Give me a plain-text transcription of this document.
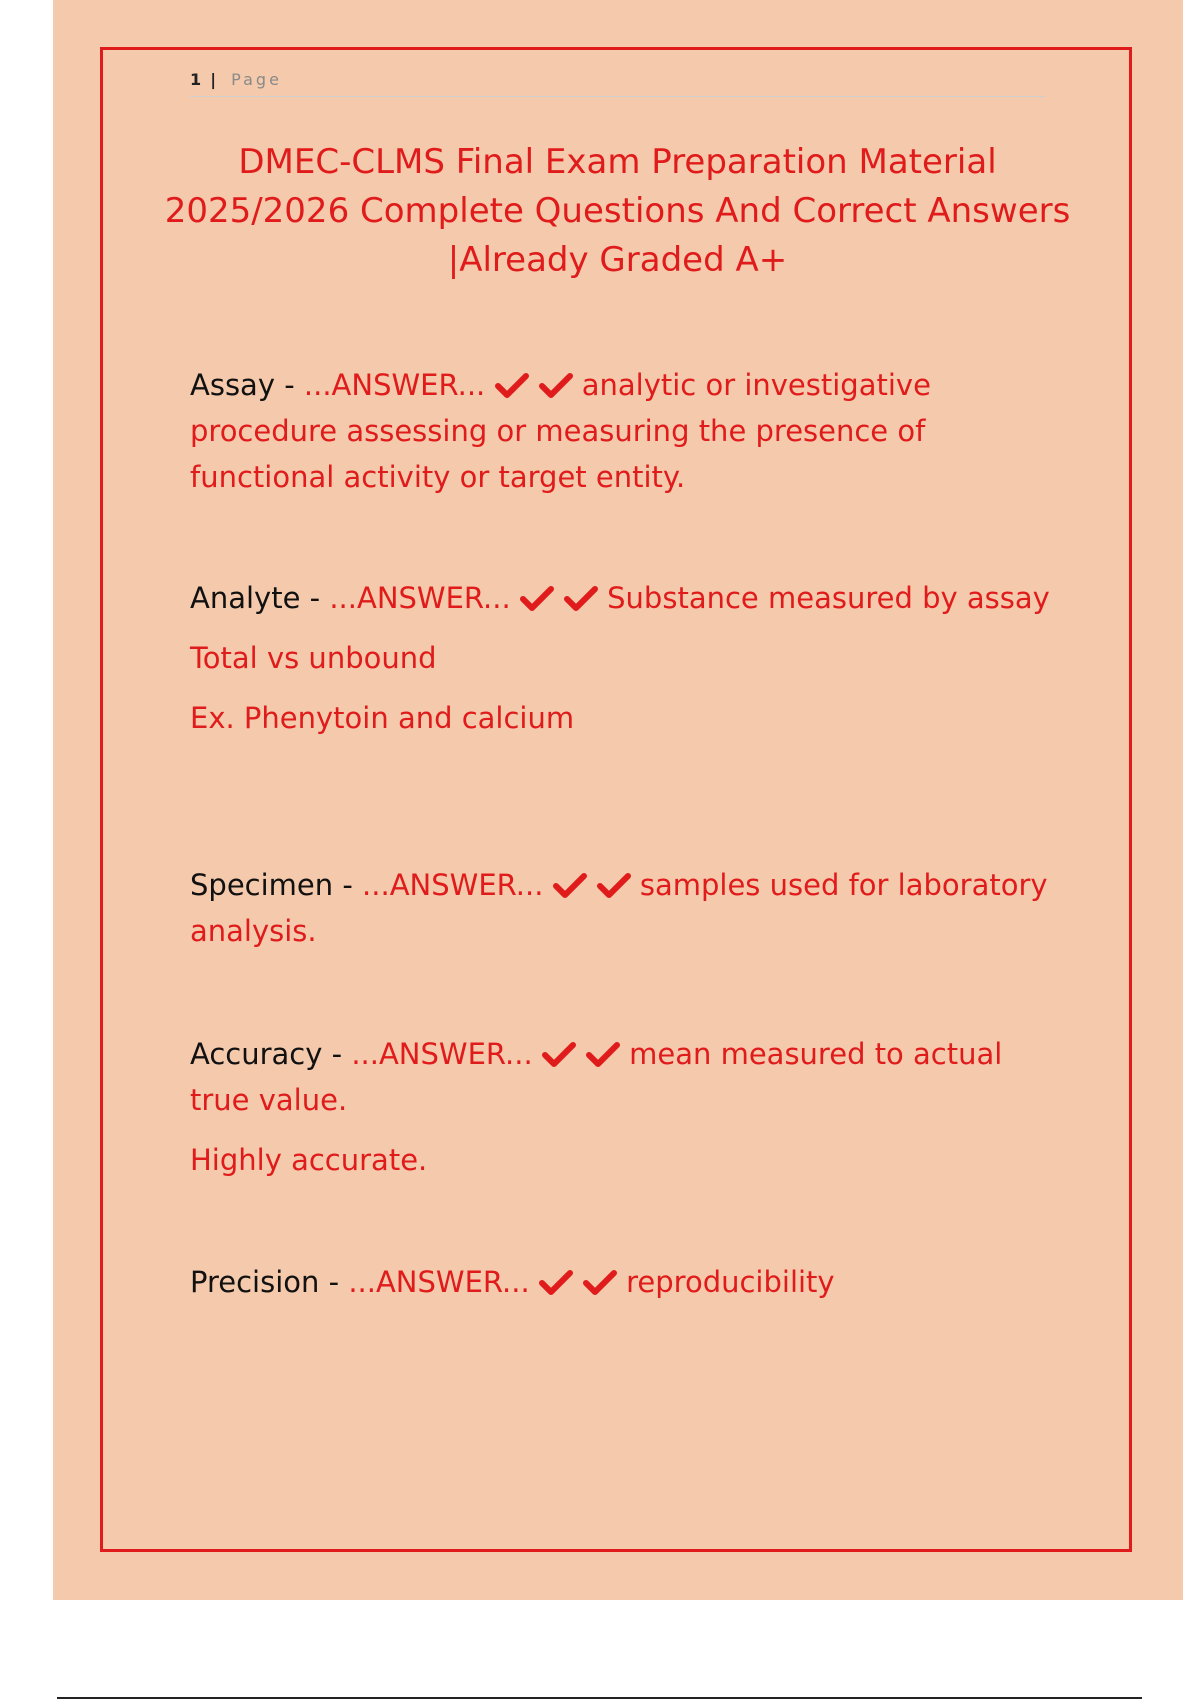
1 | Page
DMEC-CLMS Final Exam Preparation Material 2025/2026 Complete Questions And Correct Answers |Already Graded A+
Assay - ...ANSWER...	analytic or investigative procedure assessing or measuring the presence of functional activity or target entity.
Analyte - ...ANSWER...	Substance measured by assay
Total vs unbound
Ex. Phenytoin and calcium
Specimen - ...ANSWER...	samples used for laboratory analysis.
Accuracy - ...ANSWER...	mean measured to actual true value.
Highly accurate.
Precision - ...ANSWER...	reproducibility
